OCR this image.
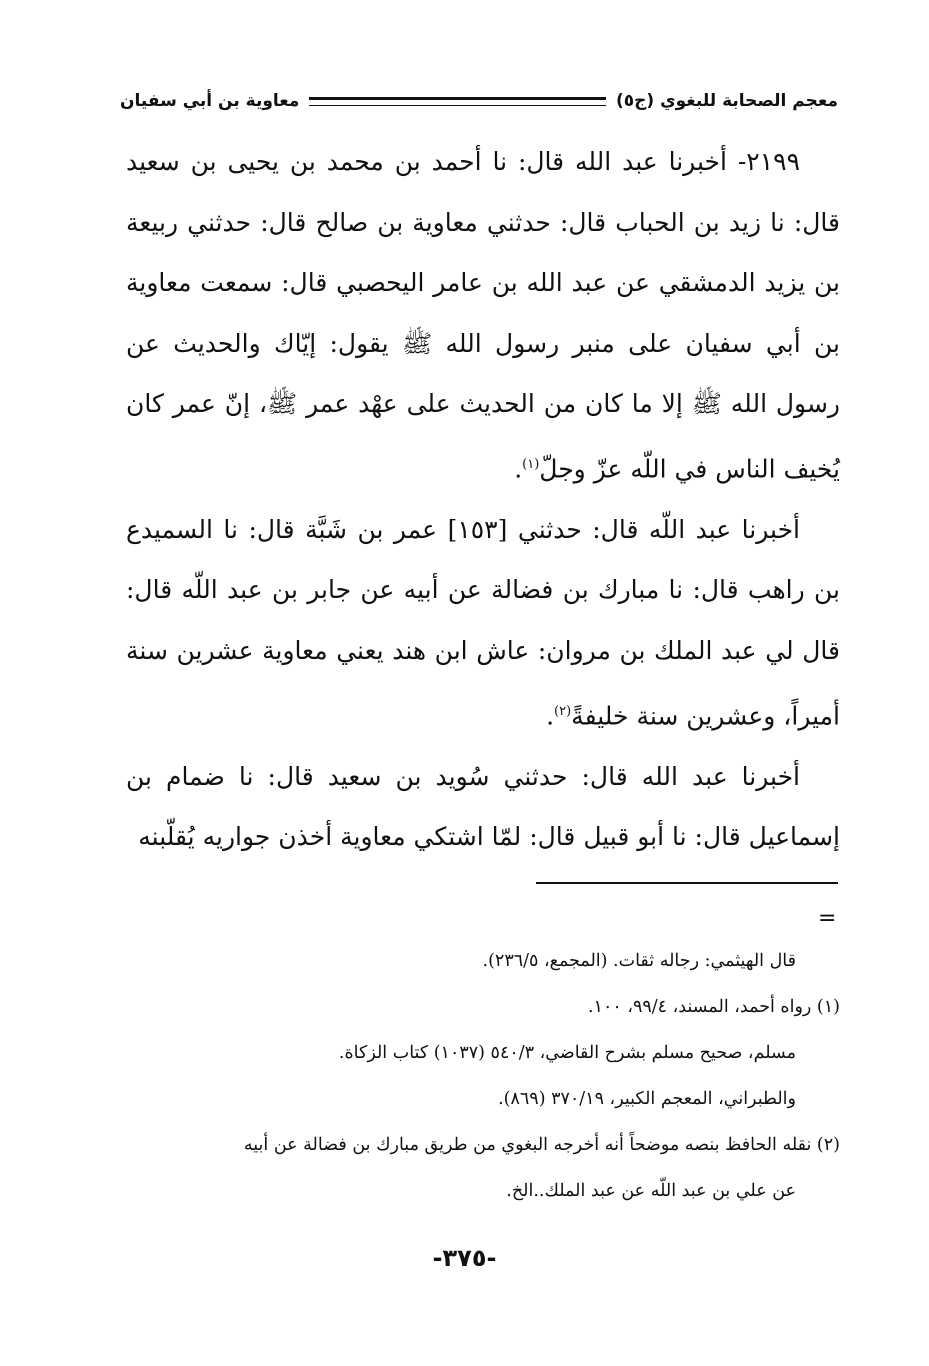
معجم الصحابة للبغوي (ج٥)
معاوية بن أبي سفيان

٢١٩٩- أخبرنا عبد الله قال: نا أحمد بن محمد بن يحيى بن سعيد قال: نا زيد بن الحباب قال: حدثني معاوية بن صالح قال: حدثني ربيعة بن يزيد الدمشقي عن عبد الله بن عامر اليحصبي قال: سمعت معاوية بن أبي سفيان على منبر رسول الله ﷺ يقول: إيّاك والحديث عن رسول الله ﷺ إلا ما كان من الحديث على عهْد عمر ﷺ، إنّ عمر كان يُخيف الناس في اللّه عزّ وجلّ$^{(١)}$.

أخبرنا عبد اللّه قال: حدثني [١٥٣] عمر بن شَبَّة قال: نا السميدع بن راهب قال: نا مبارك بن فضالة عن أبيه عن جابر بن عبد اللّه قال: قال لي عبد الملك بن مروان: عاش ابن هند يعني معاوية عشرين سنة أميراً، وعشرين سنة خليفةً$^{(٢)}$.

أخبرنا عبد الله قال: حدثني سُويد بن سعيد قال: نا ضمام بن إسماعيل قال: نا أبو قبيل قال: لمّا اشتكي معاوية أخذن جواريه يُقلّبنه

=

قال الهيثمي: رجاله ثقات. (المجمع، ٢٣٦/٥).

(١) رواه أحمد، المسند، ٩٩/٤، ١٠٠.

مسلم، صحيح مسلم بشرح القاضي، ٥٤٠/٣ (١٠٣٧) كتاب الزكاة.

والطبراني، المعجم الكبير، ٣٧٠/١٩ (٨٦٩).

(٢) نقله الحافظ بنصه موضحاً أنه أخرجه البغوي من طريق مبارك بن فضالة عن أبيه

عن علي بن عبد اللّه عن عبد الملك..الخ.

-٣٧٥-
